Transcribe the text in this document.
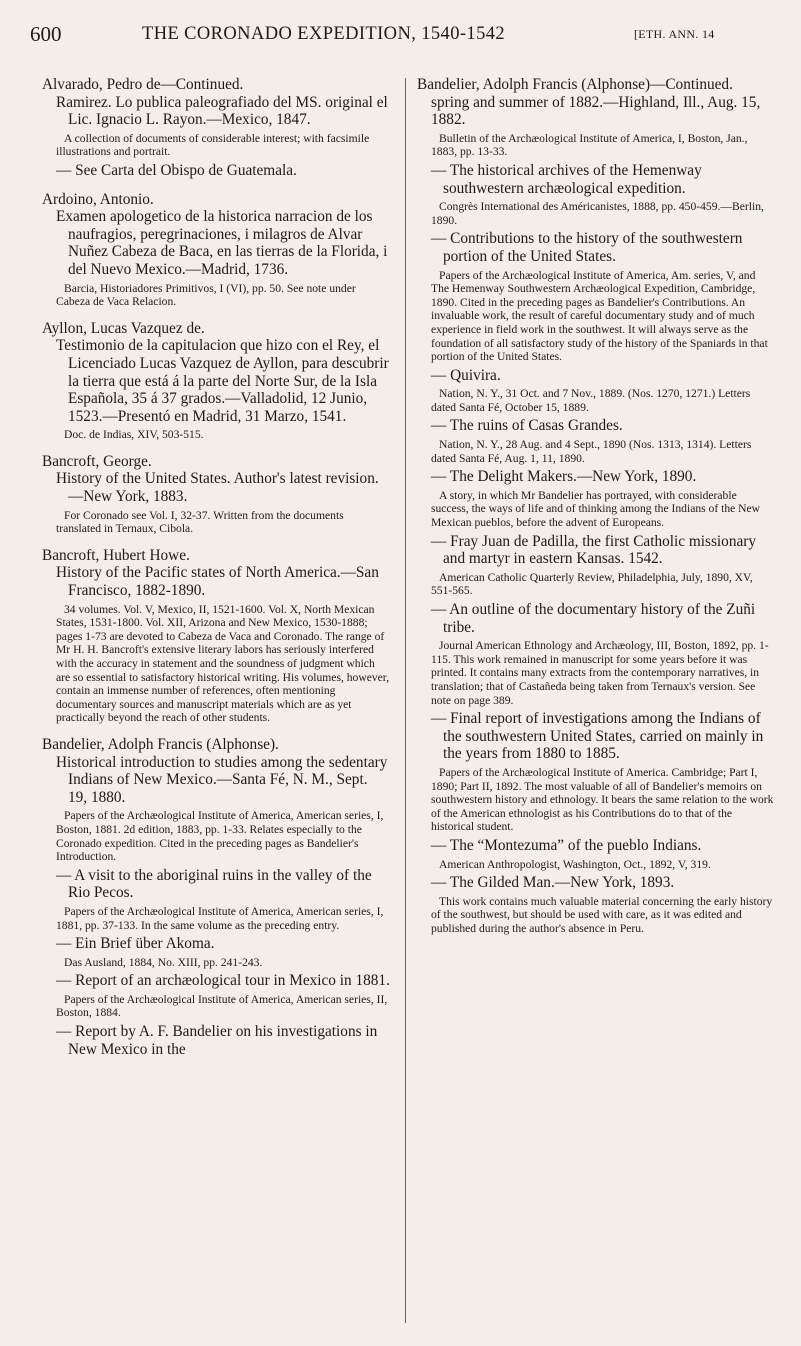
600	THE CORONADO EXPEDITION, 1540-1542	[ETH. ANN. 14
Alvarado, Pedro de—Continued.
Ramirez. Lo publica paleografiado del MS. original el Lic. Ignacio L. Rayon.—Mexico, 1847.
A collection of documents of considerable interest; with facsimile illustrations and portrait.
— See Carta del Obispo de Guatemala.
Ardoino, Antonio.
Examen apologetico de la historica narracion de los naufragios, peregrinaciones, i milagros de Alvar Nuñez Cabeza de Baca, en las tierras de la Florida, i del Nuevo Mexico.—Madrid, 1736.
Barcia, Historiadores Primitivos, I (VI), pp. 50. See note under Cabeza de Vaca Relacion.
Ayllon, Lucas Vazquez de.
Testimonio de la capitulacion que hizo con el Rey, el Licenciado Lucas Vazquez de Ayllon, para descubrir la tierra que está á la parte del Norte Sur, de la Isla Española, 35 á 37 grados.—Valladolid, 12 Junio, 1523.—Presentó en Madrid, 31 Marzo, 1541.
Doc. de Indias, XIV, 503-515.
Bancroft, George.
History of the United States. Author's latest revision.—New York, 1883.
For Coronado see Vol. I, 32-37. Written from the documents translated in Ternaux, Cibola.
Bancroft, Hubert Howe.
History of the Pacific states of North America.—San Francisco, 1882-1890.
34 volumes. Vol. V, Mexico, II, 1521-1600. Vol. X, North Mexican States, 1531-1800. Vol. XII, Arizona and New Mexico, 1530-1888; pages 1-73 are devoted to Cabeza de Vaca and Coronado. The range of Mr H. H. Bancroft's extensive literary labors has seriously interfered with the accuracy in statement and the soundness of judgment which are so essential to satisfactory historical writing. His volumes, however, contain an immense number of references, often mentioning documentary sources and manuscript materials which are as yet practically beyond the reach of other students.
Bandelier, Adolph Francis (Alphonse).
Historical introduction to studies among the sedentary Indians of New Mexico.—Santa Fé, N. M., Sept. 19, 1880.
Papers of the Archæological Institute of America, American series, I, Boston, 1881. 2d edition, 1883, pp. 1-33. Relates especially to the Coronado expedition. Cited in the preceding pages as Bandelier's Introduction.
— A visit to the aboriginal ruins in the valley of the Rio Pecos.
Papers of the Archæological Institute of America, American series, I, 1881, pp. 37-133. In the same volume as the preceding entry.
— Ein Brief über Akoma.
Das Ausland, 1884, No. XIII, pp. 241-243.
— Report of an archæological tour in Mexico in 1881.
Papers of the Archæological Institute of America, American series, II, Boston, 1884.
— Report by A. F. Bandelier on his investigations in New Mexico in the
Bandelier, Adolph Francis (Alphonse)—Continued.
spring and summer of 1882.—Highland, Ill., Aug. 15, 1882.
Bulletin of the Archæological Institute of America, I, Boston, Jan., 1883, pp. 13-33.
— The historical archives of the Hemenway southwestern archæological expedition.
Congrès International des Américanistes, 1888, pp. 450-459.—Berlin, 1890.
— Contributions to the history of the southwestern portion of the United States.
Papers of the Archæological Institute of America, Am. series, V, and The Hemenway Southwestern Archæological Expedition, Cambridge, 1890. Cited in the preceding pages as Bandelier's Contributions. An invaluable work, the result of careful documentary study and of much experience in field work in the southwest. It will always serve as the foundation of all satisfactory study of the history of the Spaniards in that portion of the United States.
— Quivira.
Nation, N. Y., 31 Oct. and 7 Nov., 1889. (Nos. 1270, 1271.) Letters dated Santa Fé, October 15, 1889.
— The ruins of Casas Grandes.
Nation, N. Y., 28 Aug. and 4 Sept., 1890 (Nos. 1313, 1314). Letters dated Santa Fé, Aug. 1, 11, 1890.
— The Delight Makers.—New York, 1890.
A story, in which Mr Bandelier has portrayed, with considerable success, the ways of life and of thinking among the Indians of the New Mexican pueblos, before the advent of Europeans.
— Fray Juan de Padilla, the first Catholic missionary and martyr in eastern Kansas. 1542.
American Catholic Quarterly Review, Philadelphia, July, 1890, XV, 551-565.
— An outline of the documentary history of the Zuñi tribe.
Journal American Ethnology and Archæology, III, Boston, 1892, pp. 1-115. This work remained in manuscript for some years before it was printed. It contains many extracts from the contemporary narratives, in translation; that of Castañeda being taken from Ternaux's version. See note on page 389.
— Final report of investigations among the Indians of the southwestern United States, carried on mainly in the years from 1880 to 1885.
Papers of the Archæological Institute of America. Cambridge; Part I, 1890; Part II, 1892. The most valuable of all of Bandelier's memoirs on southwestern history and ethnology. It bears the same relation to the work of the American ethnologist as his Contributions do to that of the historical student.
— The “Montezuma” of the pueblo Indians.
American Anthropologist, Washington, Oct., 1892, V, 319.
— The Gilded Man.—New York, 1893.
This work contains much valuable material concerning the early history of the southwest, but should be used with care, as it was edited and published during the author's absence in Peru.
